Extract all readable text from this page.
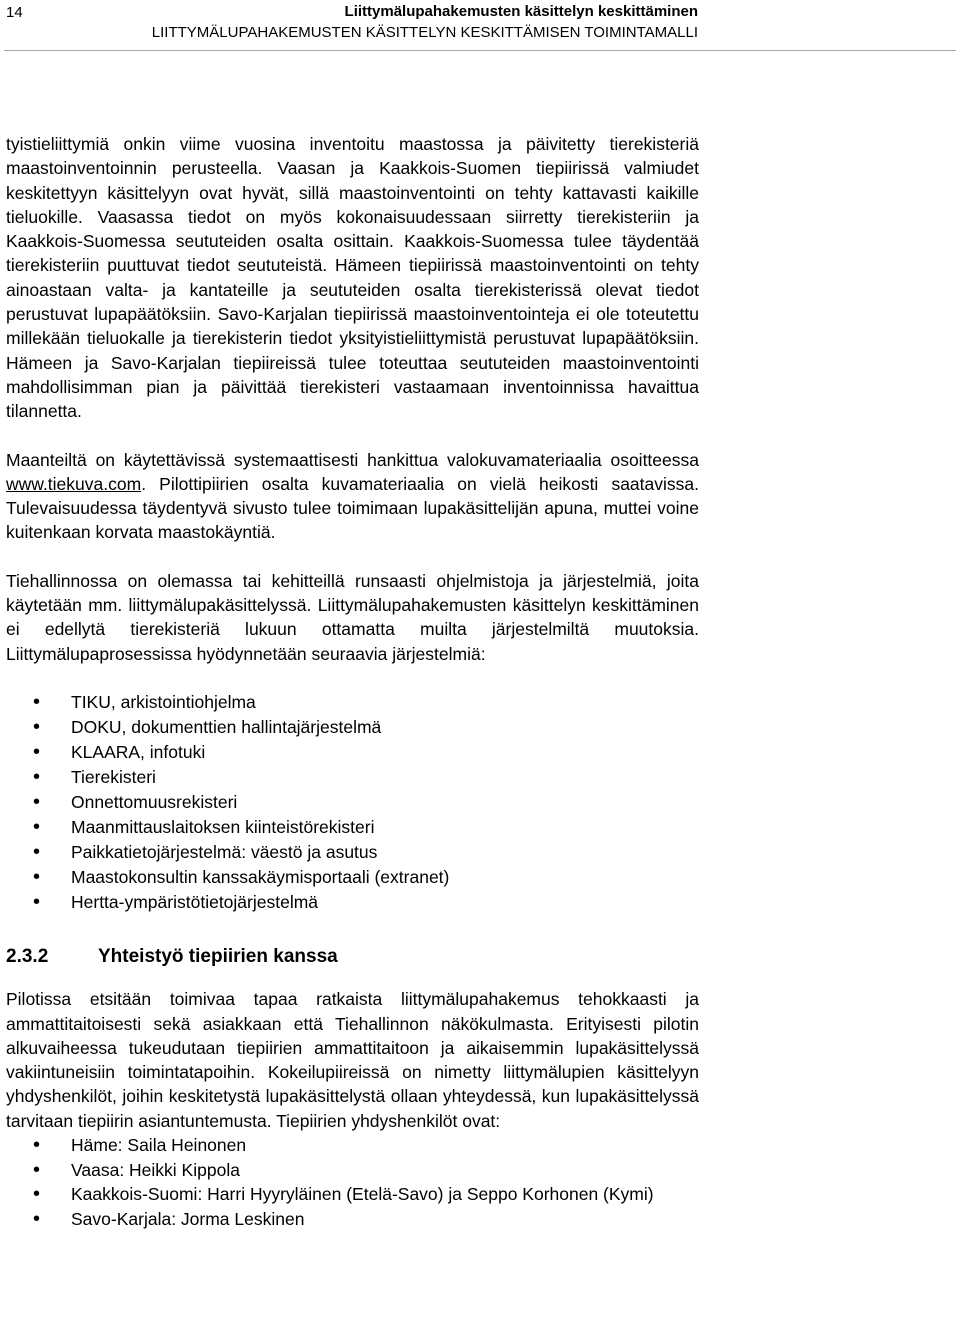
14	Liittymälupahakemusten käsittelyn keskittäminen
LIITTYMÄLUPAHAKEMUSTEN KÄSITTELYN KESKITTÄMISEN TOIMINTAMALLI

tyistieliittymiä onkin viime vuosina inventoitu maastossa ja päivitetty tierekisteriä maastoinventoinnin perusteella. Vaasan ja Kaakkois-Suomen tiepiirissä valmiudet keskitettyyn käsittelyyn ovat hyvät, sillä maastoinventointi on tehty kattavasti kaikille tieluokille. Vaasassa tiedot on myös kokonaisuudessaan siirretty tierekisteriin ja Kaakkois-Suomessa seututeiden osalta osittain. Kaakkois-Suomessa tulee täydentää tierekisteriin puuttuvat tiedot seututeistä. Hämeen tiepiirissä maastoinventointi on tehty ainoastaan valta- ja kantateille ja seututeiden osalta tierekisterissä olevat tiedot perustuvat lupapäätöksiin. Savo-Karjalan tiepiirissä maastoinventointeja ei ole toteutettu millekään tieluokalle ja tierekisterin tiedot yksityistieliittymistä perustuvat lupapäätöksiin. Hämeen ja Savo-Karjalan tiepiireissä tulee toteuttaa seututeiden maastoinventointi mahdollisimman pian ja päivittää tierekisteri vastaamaan inventoinnissa havaittua tilannetta.

Maanteiltä on käytettävissä systemaattisesti hankittua valokuvamateriaalia osoitteessa www.tiekuva.com. Pilottipiirien osalta kuvamateriaalia on vielä heikosti saatavissa. Tulevaisuudessa täydentyvä sivusto tulee toimimaan lupakäsittelijän apuna, muttei voine kuitenkaan korvata maastokäyntiä.

Tiehallinnossa on olemassa tai kehitteillä runsaasti ohjelmistoja ja järjestelmiä, joita käytetään mm. liittymälupakäsittelyssä. Liittymälupahakemusten käsittelyn keskittäminen ei edellytä tierekisteriä lukuun ottamatta muilta järjestelmiltä muutoksia. Liittymälupaprosessissa hyödynnetään seuraavia järjestelmiä:

• TIKU, arkistointiohjelma
• DOKU, dokumenttien hallintajärjestelmä
• KLAARA, infotuki
• Tierekisteri
• Onnettomuusrekisteri
• Maanmittauslaitoksen kiinteistörekisteri
• Paikkatietojärjestelmä: väestö ja asutus
• Maastokonsultin kanssakäymisportaali (extranet)
• Hertta-ympäristötietojärjestelmä
2.3.2	Yhteistyö tiepiirien kanssa

Pilotissa etsitään toimivaa tapaa ratkaista liittymälupahakemus tehokkaasti ja ammattitaitoisesti sekä asiakkaan että Tiehallinnon näkökulmasta. Erityisesti pilotin alkuvaiheessa tukeudutaan tiepiirien ammattitaitoon ja aikaisemmin lupakäsittelyssä vakiintuneisiin toimintatapoihin. Kokeilupiireissä on nimetty liittymälupien käsittelyyn yhdyshenkilöt, joihin keskitetystä lupakäsittelystä ollaan yhteydessä, kun lupakäsittelyssä tarvitaan tiepiirin asiantuntemusta. Tiepiirien yhdyshenkilöt ovat:

• Häme: Saila Heinonen
• Vaasa: Heikki Kippola
• Kaakkois-Suomi: Harri Hyyryläinen (Etelä-Savo) ja Seppo Korhonen (Kymi)
• Savo-Karjala: Jorma Leskinen
